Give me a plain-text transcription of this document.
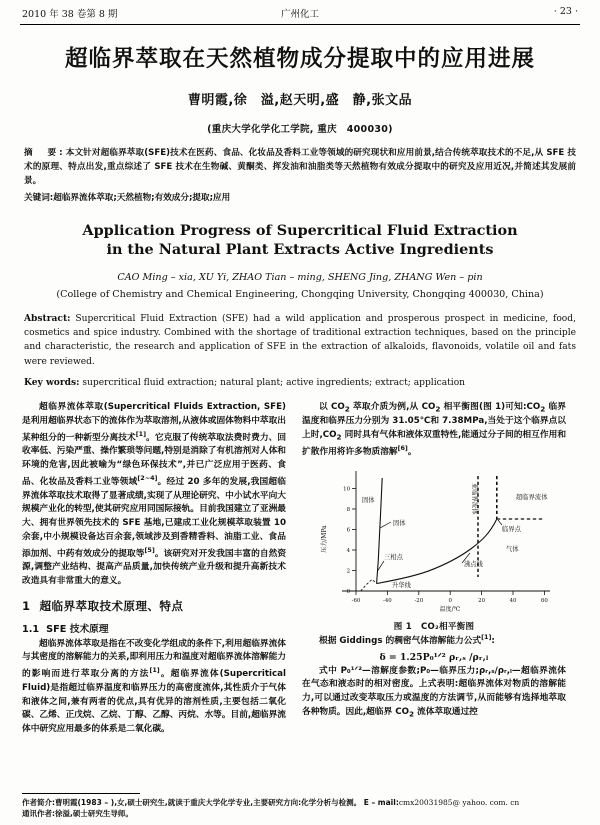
2010 年 38 卷第 8 期	广州化工	· 23 ·
超临界萃取在天然植物成分提取中的应用进展
曹明霞,徐　溢,赵天明,盛　静,张文品
(重庆大学化学化工学院, 重庆　400030)
摘　要:本文针对超临界萃取(SFE)技术在医药、食品、化妆品及香料工业等领域的研究现状和应用前景,结合传统萃取技术的不足,从 SFE 技术的原理、特点出发,重点综述了 SFE 技术在生物碱、黄酮类、挥发油和油脂类等天然植物有效成分提取中的研究及应用近况,并简述其发展前景。
关键词:超临界流体萃取;天然植物;有效成分;提取;应用
Application Progress of Supercritical Fluid Extraction
in the Natural Plant Extracts Active Ingredients
CAO Ming – xia, XU Yi, ZHAO Tian – ming, SHENG Jing, ZHANG Wen – pin
(College of Chemistry and Chemical Engineering, Chongqing University, Chongqing 400030, China)
Abstract: Supercritical Fluid Extraction (SFE) had a wild application and prosperous prospect in medicine, food, cosmetics and spice industry. Combined with the shortage of traditional extraction techniques, based on the principle and characteristic, the research and application of SFE in the extraction of alkaloids, flavonoids, volatile oil and fats were reviewed.
Key words: supercritical fluid extraction; natural plant; active ingredients; extract; application

超临界流体萃取(Supercritical Fluids Extraction, SFE)是利用超临界状态下的流体作为萃取溶剂,从液体或固体物料中萃取出某种组分的一种新型分离技术[1]。它克服了传统萃取法费时费力、回收率低、污染严重、操作繁琐等问题,特别是消除了有机溶剂对人体和环境的危害,因此被喻为“绿色环保技术”,并已广泛应用于医药、食品、化妆品及香料工业等领域[2~4]。经过 20 多年的发展,我国超临界流体萃取技术取得了显著成绩,实现了从理论研究、中小试水平向大规模产业化的转型,使其研究应用同国际接轨。目前我国建立了亚洲最大、拥有世界领先技术的 SFE 基地,已建成工业化规模萃取装置 10 余套,中小规模设备达百余套,领域涉及到香精香料、油脂工业、食品添加剂、中药有效成分的提取等[5]。该研究对开发我国丰富的自然资源,调整产业结构、提高产品质量,加快传统产业升级和提升高新技术改造具有非常重大的意义。

1 超临界萃取技术原理、特点
1.1 SFE 技术原理

超临界流体萃取是指在不改变化学组成的条件下,利用超临界流体与其密度的溶解能力的关系,即利用压力和温度对超临界流体溶解能力的影响而进行萃取分离的方法[1]。超临界流体(Supercritical Fluid)是指超过临界温度和临界压力的高密度流体,其性质介于气体和液体之间,兼有两者的优点,具有优异的溶剂性质,主要包括二氧化碳、乙烯、正戊烷、乙烷、丁醇、乙醇、丙烷、水等。目前,超临界流体中研究应用最多的体系是二氧化碳。

以 $CO_2$ 萃取介质为例,从 $CO_2$ 相平衡图(图 1)可知$:CO_2$ 临界温度和临界压力分别为 31.05℃和 7.38MPa,当处于这个临界点以上时$,CO_2$ 同时具有气体和液体双重特性,能通过分子间的相互作用和扩散作用将许多物质溶解[6]。

0
2
4
6
8
10
压力/MPa
-60	-40	-20	0	20	40	60
温度/℃
固体
固体
三相点
升华线
沸点线
气体
临界点
超临界流体
亚临界流体
图 1 CO₂相平衡图

根据 Giddings 的稠密气体溶解能力公式[1]:

δ = 1.25P₀¹ᐟ² ρᵣ,ₛ /ρᵣ,ₗ

式中 P₀¹ᐟ²—溶解度参数;P₀—临界压力;ρᵣ,ₛ/ρᵣ,ₗ—超临界流体在气态和液态时的相对密度。上式表明:超临界流体对物质的溶解能力,可以通过改变萃取压力或温度的方法调节,从而能够有选择地萃取各种物质。因此,超临界 $CO_2$ 流体萃取通过控

作者简介:曹明霞(1983 – ),女,硕士研究生,就读于重庆大学化学专业,主要研究方向:化学分析与检测。 E – mail:cmx20031985@ yahoo. com. cn

通讯作者:徐溢,硕士研究生导师。
